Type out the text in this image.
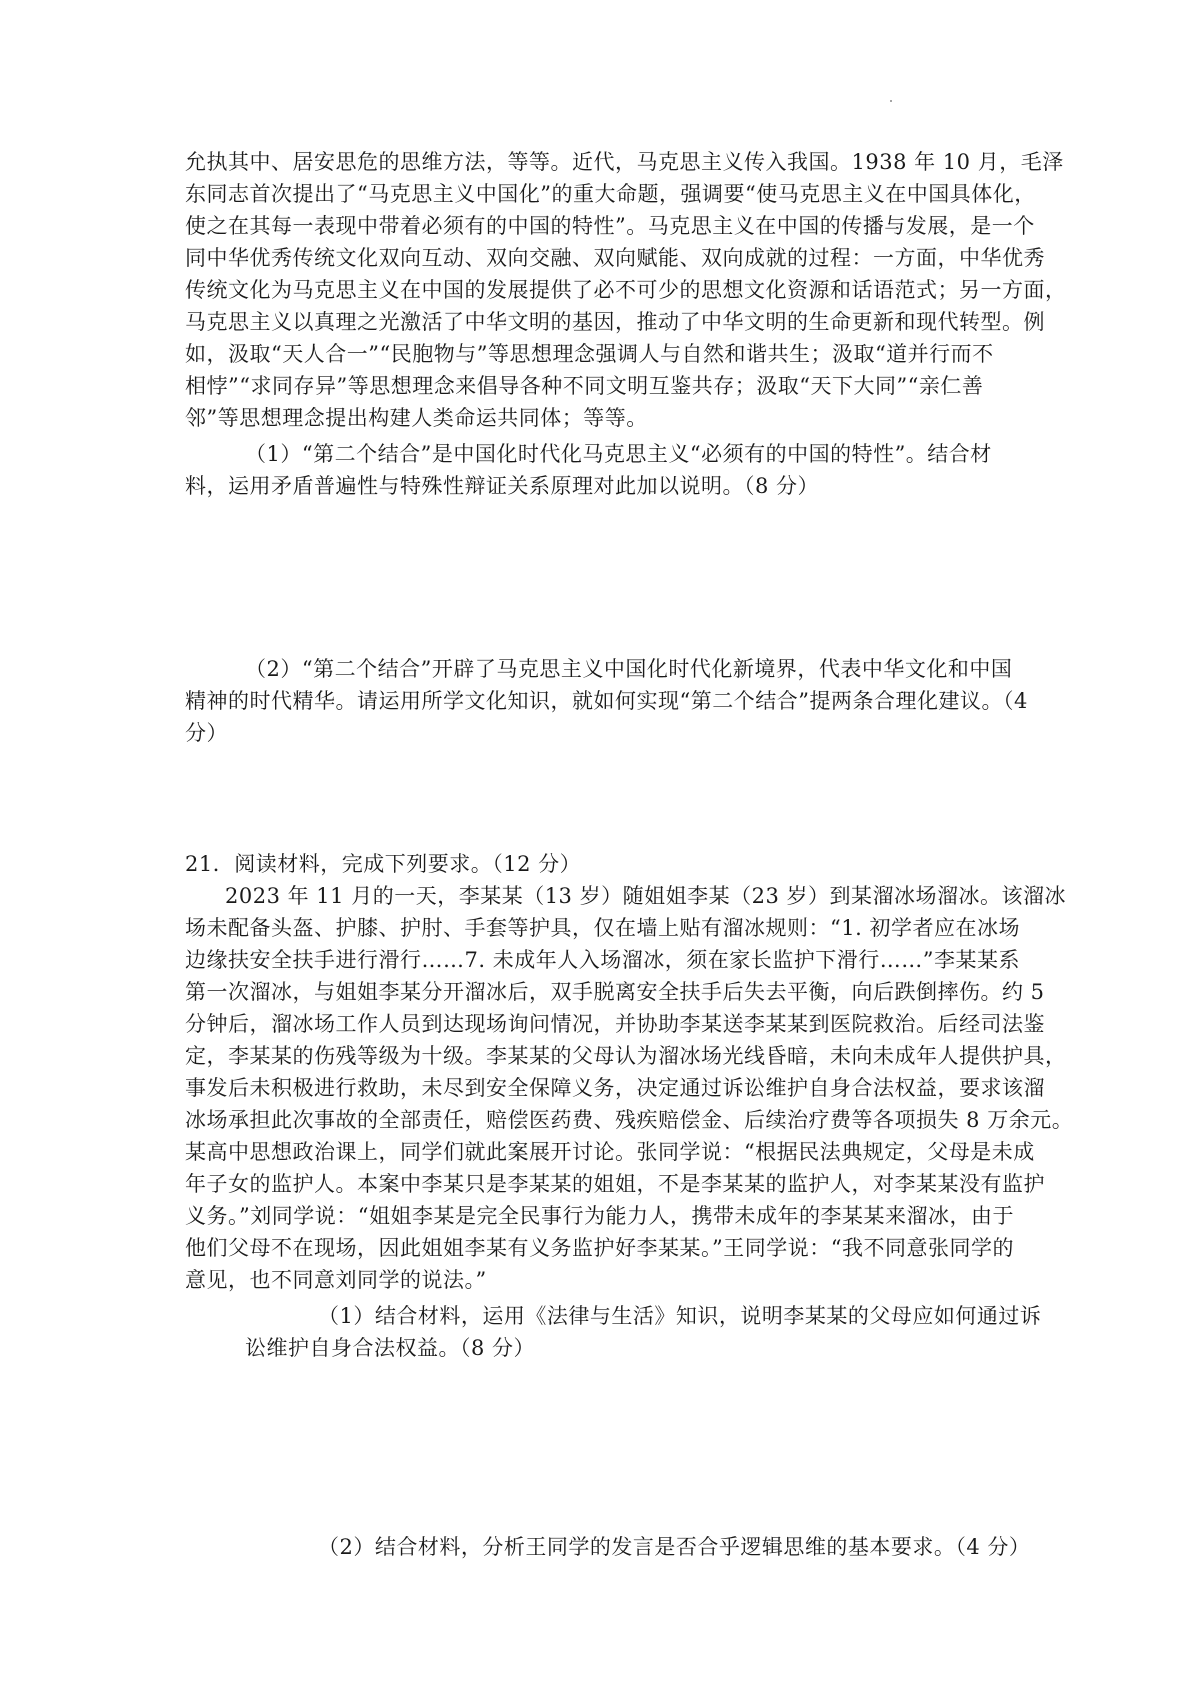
允执其中、居安思危的思维方法，等等。近代，马克思主义传入我国。1938 年 10 月，毛泽
东同志首次提出了“马克思主义中国化”的重大命题，强调要“使马克思主义在中国具体化，
使之在其每一表现中带着必须有的中国的特性”。马克思主义在中国的传播与发展，是一个
同中华优秀传统文化双向互动、双向交融、双向赋能、双向成就的过程：一方面，中华优秀
传统文化为马克思主义在中国的发展提供了必不可少的思想文化资源和话语范式；另一方面，
马克思主义以真理之光激活了中华文明的基因，推动了中华文明的生命更新和现代转型。例
如，汲取“天人合一”“民胞物与”等思想理念强调人与自然和谐共生；汲取“道并行而不
相悖”“求同存异”等思想理念来倡导各种不同文明互鉴共存；汲取“天下大同”“亲仁善
邻”等思想理念提出构建人类命运共同体；等等。
（1）“第二个结合”是中国化时代化马克思主义“必须有的中国的特性”。结合材
料，运用矛盾普遍性与特殊性辩证关系原理对此加以说明。（8 分）
（2）“第二个结合”开辟了马克思主义中国化时代化新境界，代表中华文化和中国
精神的时代精华。请运用所学文化知识，就如何实现“第二个结合”提两条合理化建议。（4
分）
21．阅读材料，完成下列要求。（12 分）
2023 年 11 月的一天，李某某（13 岁）随姐姐李某（23 岁）到某溜冰场溜冰。该溜冰
场未配备头盔、护膝、护肘、手套等护具，仅在墙上贴有溜冰规则：“1. 初学者应在冰场
边缘扶安全扶手进行滑行……7. 未成年人入场溜冰，须在家长监护下滑行……”李某某系
第一次溜冰，与姐姐李某分开溜冰后，双手脱离安全扶手后失去平衡，向后跌倒摔伤。约 5
分钟后，溜冰场工作人员到达现场询问情况，并协助李某送李某某到医院救治。后经司法鉴
定，李某某的伤残等级为十级。李某某的父母认为溜冰场光线昏暗，未向未成年人提供护具，
事发后未积极进行救助，未尽到安全保障义务，决定通过诉讼维护自身合法权益，要求该溜
冰场承担此次事故的全部责任，赔偿医药费、残疾赔偿金、后续治疗费等各项损失 8 万余元。
某高中思想政治课上，同学们就此案展开讨论。张同学说：“根据民法典规定，父母是未成
年子女的监护人。本案中李某只是李某某的姐姐，不是李某某的监护人，对李某某没有监护
义务。”刘同学说：“姐姐李某是完全民事行为能力人，携带未成年的李某某来溜冰，由于
他们父母不在现场，因此姐姐李某有义务监护好李某某。”王同学说：“我不同意张同学的
意见，也不同意刘同学的说法。”
（1）结合材料，运用《法律与生活》知识，说明李某某的父母应如何通过诉
讼维护自身合法权益。（8 分）
（2）结合材料，分析王同学的发言是否合乎逻辑思维的基本要求。（4 分）
